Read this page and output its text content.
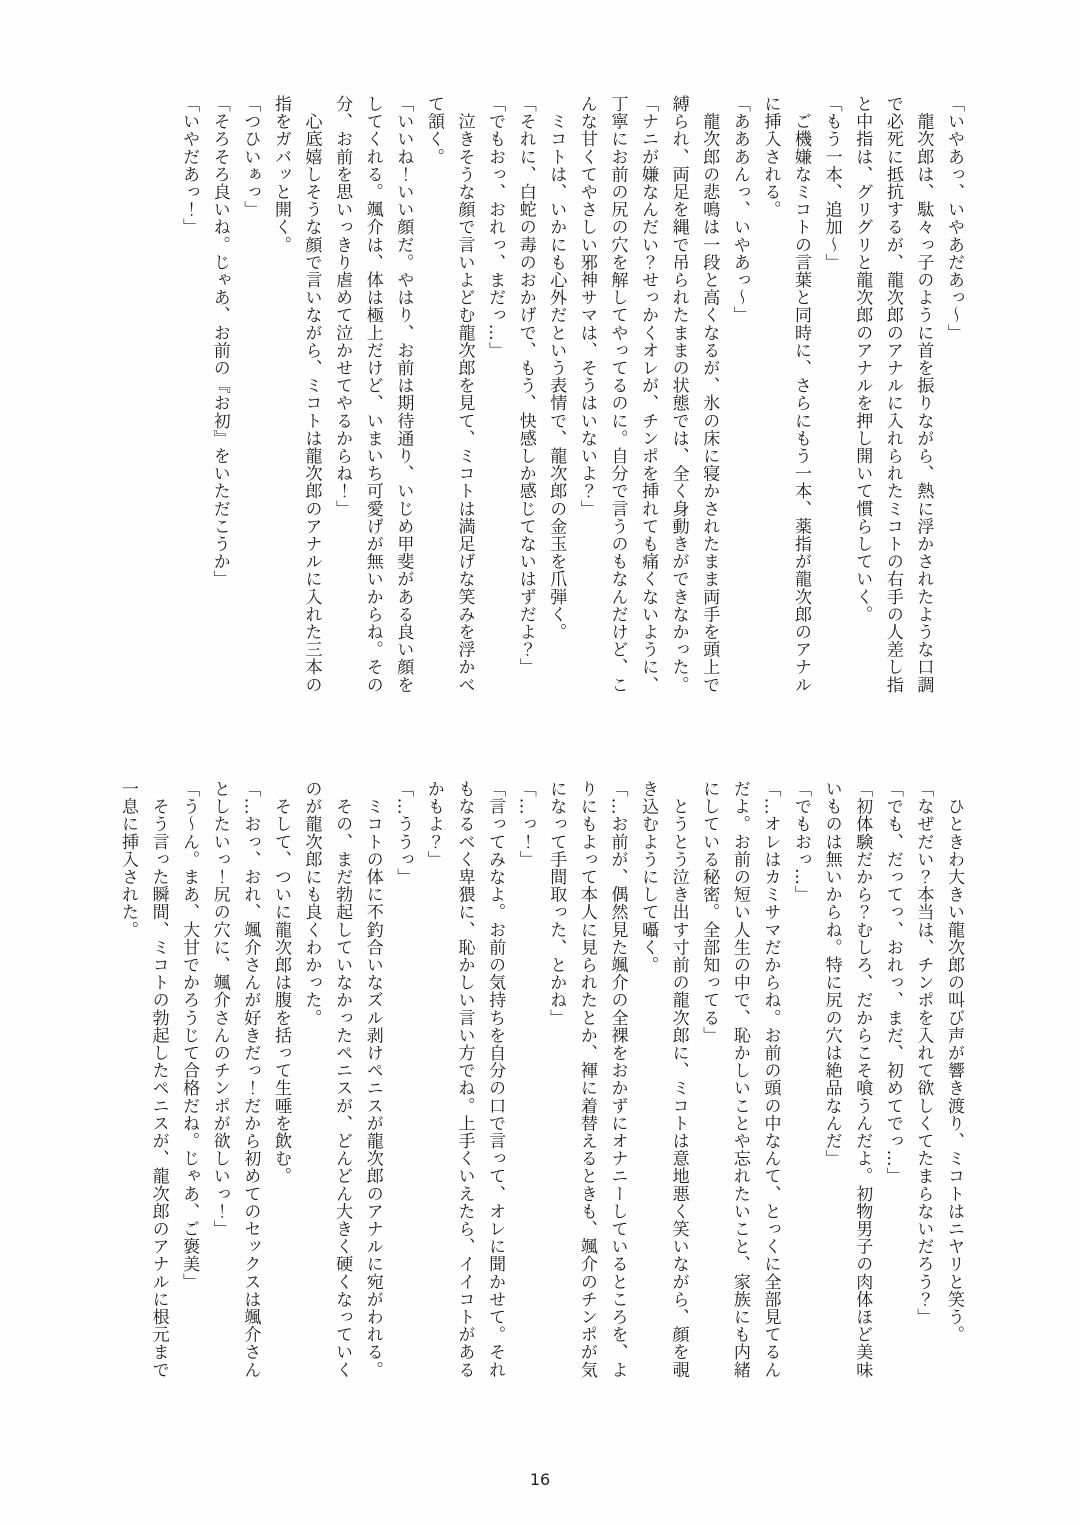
「いやあっ、いやあだあっ～」
　龍次郎は、駄々っ子のように首を振りながら、熱に浮かされたような口調
で必死に抵抗するが、龍次郎のアナルに入れられたミコトの右手の人差し指
と中指は、グリグリと龍次郎のアナルを押し開いて慣らしていく。
「もう一本、追加～」
　ご機嫌なミコトの言葉と同時に、さらにもう一本、薬指が龍次郎のアナル
に挿入される。
「あああんっ、いやあっ～」
　龍次郎の悲鳴は一段と高くなるが、氷の床に寝かされたまま両手を頭上で
縛られ、両足を縄で吊られたままの状態では、全く身動きができなかった。
「ナニが嫌なんだい？せっかくオレが、チンポを挿れても痛くないように、
丁寧にお前の尻の穴を解してやってるのに。自分で言うのもなんだけど、こ
んな甘くてやさしい邪神サマは、そうはいないよ？」
　ミコトは、いかにも心外だという表情で、龍次郎の金玉を爪弾く。
「それに、白蛇の毒のおかげで、もう、快感しか感じてないはずだよ？」
「でもおっ、おれっ、まだっ…」
　泣きそうな顔で言いよどむ龍次郎を見て、ミコトは満足げな笑みを浮かべ
て頷く。
「いいね！いい顔だ。やはり、お前は期待通り、いじめ甲斐がある良い顔を
してくれる。颯介は、体は極上だけど、いまいち可愛げが無いからね。その
分、お前を思いっきり虐めて泣かせてやるからね！」
　心底嬉しそうな顔で言いながら、ミコトは龍次郎のアナルに入れた三本の
指をガバッと開く。
「つひいぁっ」
「そろそろ良いね。じゃあ、お前の『お初』をいただこうか」
「いやだあっ！」
　ひときわ大きい龍次郎の叫び声が響き渡り、ミコトはニヤリと笑う。
「なぜだい？本当は、チンポを入れて欲しくてたまらないだろう？」
「でも、だってっ、おれっ、まだ、初めてでっ…」
「初体験だから？むしろ、だからこそ喰うんだよ。初物男子の肉体ほど美味
いものは無いからね。特に尻の穴は絶品なんだ」
「でもおっ…」
「…オレはカミサマだからね。お前の頭の中なんて、とっくに全部見てるん
だよ。お前の短い人生の中で、恥かしいことや忘れたいこと、家族にも内緒
にしている秘密。全部知ってる」
　とうとう泣き出す寸前の龍次郎に、ミコトは意地悪く笑いながら、顔を覗
き込むようにして囁く。
「…お前が、偶然見た颯介の全裸をおかずにオナニーしているところを、よ
りにもよって本人に見られたとか、褌に着替えるときも、颯介のチンポが気
になって手間取った、とかね」
「…っ！」
「言ってみなよ。お前の気持ちを自分の口で言って、オレに聞かせて。それ
もなるべく卑猥に、恥かしい言い方でね。上手くいえたら、イイコトがある
かもよ？」
「…ううっ」
　ミコトの体に不釣合いなズル剥けペニスが龍次郎のアナルに宛がわれる。
　その、まだ勃起していなかったペニスが、どんどん大きく硬くなっていく
のが龍次郎にも良くわかった。
　そして、ついに龍次郎は腹を括って生唾を飲む。
「…おっ、おれ、颯介さんが好きだっ！だから初めてのセックスは颯介さん
としたいっ！尻の穴に、颯介さんのチンポが欲しいっ！」
「う～ん。まあ、大甘でかろうじて合格だね。じゃあ、ご褒美」
　そう言った瞬間、ミコトの勃起したペニスが、龍次郎のアナルに根元まで
一息に挿入された。
16
